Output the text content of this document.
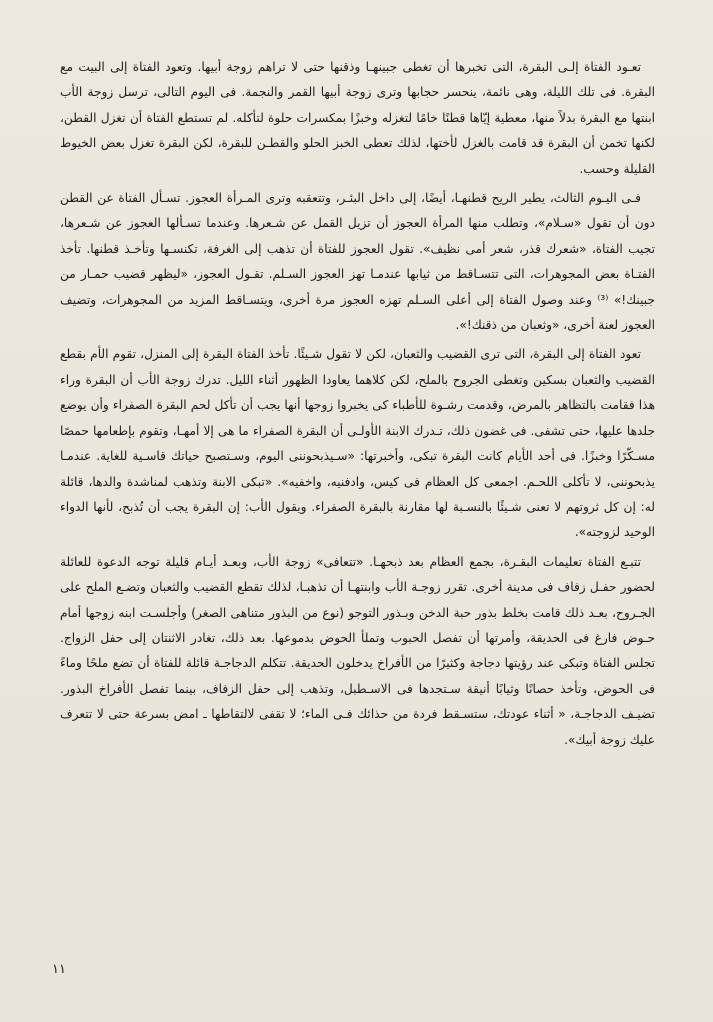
تعـود الفتاة إلـى البقرة، التى تخبرها أن تغطى جبينهـا وذقنها حتى لا تراهم زوجة أبيها. وتعود الفتاة إلى البيت مع البقرة. فى تلك الليلة، وهى نائمة، ينحسر حجابها وترى زوجة أبيها القمر والنجمة. فى اليوم التالى، ترسل زوجة الأب ابنتها مع البقرة بدلاً منها، معطية إيّاها قطنًا خامًا لتغزله وخبزًا بمكسرات حلوة لتأكله. لم تستطع الفتاة أن تغزل القطن، لكنها تخمن أن البقرة قد قامت بالغزل لأختها، لذلك تعطى الخبز الحلو والقطـن للبقرة، لكن البقرة تغزل بعض الخيوط القليلة وحسب.

فـى اليـوم الثالث، يطير الريح قطنهـا، أيضًا، إلى داخل البئـر، وتتعقبه وترى المـرأة العجوز. تسـأل الفتاة عن القطن دون أن تقول «سـلام»، وتطلب منها المرأة العجوز أن تزيل القمل عن شـعرها. وعندما تسـألها العجوز عن شـعرها، تجيب الفتاة، «شعرك قذر، شعر أمى نظيف». تقول العجوز للفتاة أن تذهب إلى الغرفة، تكنسـها وتأخـذ قطنها. تأخذ الفتـاة بعض المجوهرات، التى تتسـاقط من ثيابها عندمـا تهز العجوز السـلم. تقـول العجوز، «ليظهر قضيب حمـار من جبينك!» ⁽³⁾ وعند وصول الفتاة إلى أعلى السـلم تهزه العجوز مرة أخرى، ويتسـاقط المزيد من المجوهرات، وتضيف العجوز لعنة أخرى، «وثعبان من ذقنك!».

تعود الفتاة إلى البقرة، التى ترى القضيب والثعبان، لكن لا تقول شـيئًا. تأخذ الفتاة البقرة إلى المنزل، تقوم الأم بقطع القضيب والثعبان بسكين وتغطى الجروح بالملح، لكن كلاهما يعاودا الظهور أثناء الليل. تدرك زوجة الأب أن البقرة وراء هذا فقامت بالتظاهر بالمرض، وقدمت رشـوة للأطباء كى يخبروا زوجها أنها يجب أن تأكل لحم البقرة الصفراء وأن يوضع جلدها عليها، حتى تشفى. فى غضون ذلك، تـدرك الابنة الأولـى أن البقرة الصفراء ما هى إلا أمهـا، وتقوم بإطعامها حمصًا مسـكّرًا وخبزًا. فى أحد الأيام كانت البقرة تبكى، وأخبرتها: «سـيذبحوننى اليوم، وسـتصبح حياتك قاسـية للغاية. عندمـا يذبحوننى، لا تأكلى اللحـم. اجمعى كل العظام فى كيس، وادفنيه، واخفيه». «تبكى الابنة وتذهب لمناشدة والدها، قائلة له: إن كل ثروتهم لا تعنى شـيئًا بالنسـبة لها مقارنة بالبقرة الصفراء. ويقول الأب: إن البقرة يجب أن تُذبح، لأنها الدواء الوحيد لزوجته».

تتبـع الفتاة تعليمات البقـرة، بجمع العظام بعد ذبحهـا. «تتعافى» زوجة الأب، وبعـد أيـام قليلة توجه الدعوة للعائلة لحضور حفـل زفاف فى مدينة أخرى. تقرر زوجـة الأب وابنتهـا أن تذهبـا، لذلك تقطع القضيب والثعبان وتضـع الملح على الجـروح، بعـد ذلك قامت بخلط بذور حبة الدخن وبـذور التوجو (نوع من البذور متناهى الصغر) وأجلسـت ابنه زوجها أمام حـوض فارغ فى الحديقة، وأمرتها أن تفصل الحبوب وتملأ الحوض بدموعها. بعد ذلك، تغادر الاثنتان إلى حفل الزواج. تجلس الفتاة وتبكى عند رؤيتها دجاجة وكثيرًا من الأفراخ يدخلون الحديقة. تتكلم الدجاجـة قائلة للفتاة أن تضع ملحًا وماءً فى الحوض، وتأخذ حصانًا وثيابًا أنيقة سـتجدها فى الاسـطبل، وتذهب إلى حفل الزفاف، بينما تفصل الأفراخ البذور. تضيـف الدجاجـة، « أثناء عودتك، ستسـقط فردة من حذائك فـى الماء؛ لا تقفى لالتقاطها ـ امض بسرعة حتى لا تتعرف عليك زوجة أبيك».

١١
